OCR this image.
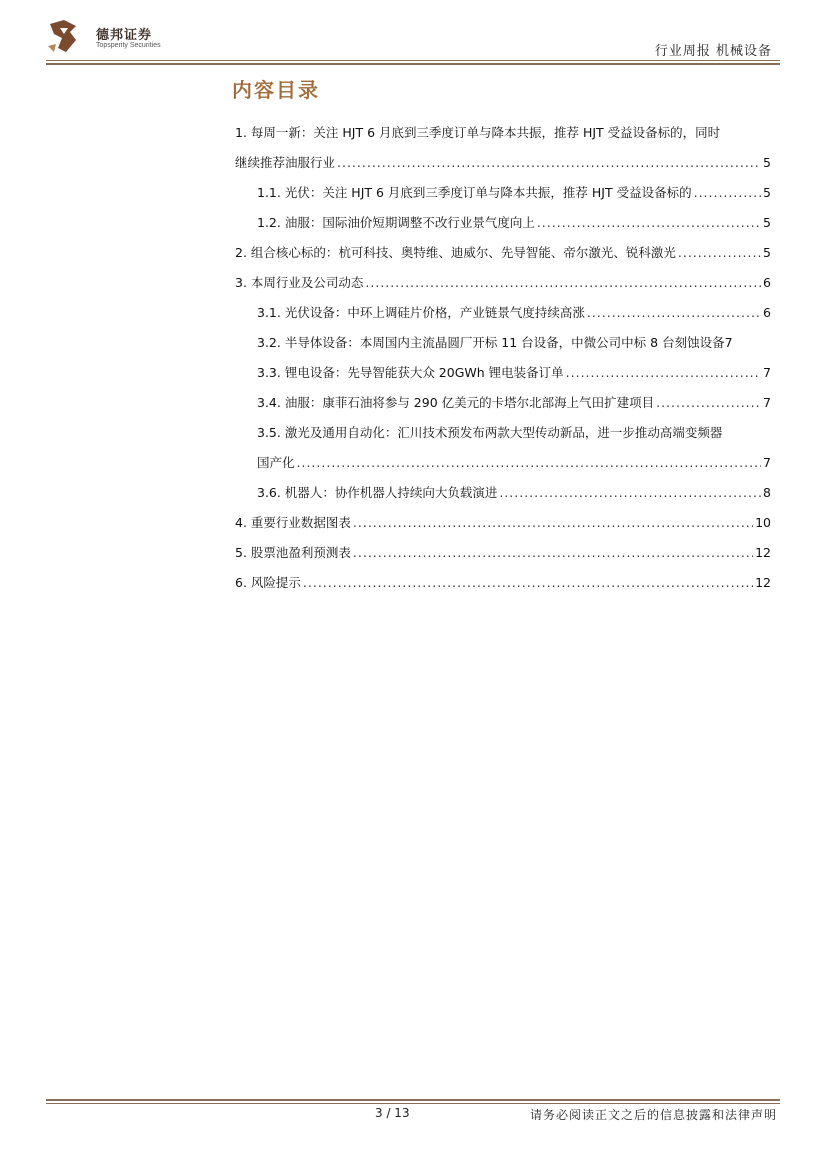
德邦证券
Topsperity Securities	行业周报 机械设备
内容目录
1. 每周一新：关注 HJT 6 月底到三季度订单与降本共振，推荐 HJT 受益设备标的，同时
继续推荐油服行业 .....	5
1.1. 光伏：关注 HJT 6 月底到三季度订单与降本共振，推荐 HJT 受益设备标的 .....	5
1.2. 油服：国际油价短期调整不改行业景气度向上 .....	5
2. 组合核心标的：杭可科技、奥特维、迪威尔、先导智能、帝尔激光、锐科激光 .....	5
3. 本周行业及公司动态 .....	6
3.1. 光伏设备：中环上调硅片价格，产业链景气度持续高涨 .....	6
3.2. 半导体设备：本周国内主流晶圆厂开标 11 台设备，中微公司中标 8 台刻蚀设备 7
3.3. 锂电设备：先导智能获大众 20GWh 锂电装备订单 .....	7
3.4. 油服：康菲石油将参与 290 亿美元的卡塔尔北部海上气田扩建项目 .....	7
3.5. 激光及通用自动化：汇川技术预发布两款大型传动新品，进一步推动高端变频器
国产化 .....	7
3.6. 机器人：协作机器人持续向大负载演进 .....	8
4. 重要行业数据图表 .....	10
5. 股票池盈利预测表 .....	12
6. 风险提示 .....	12
3 / 13	请务必阅读正文之后的信息披露和法律声明
